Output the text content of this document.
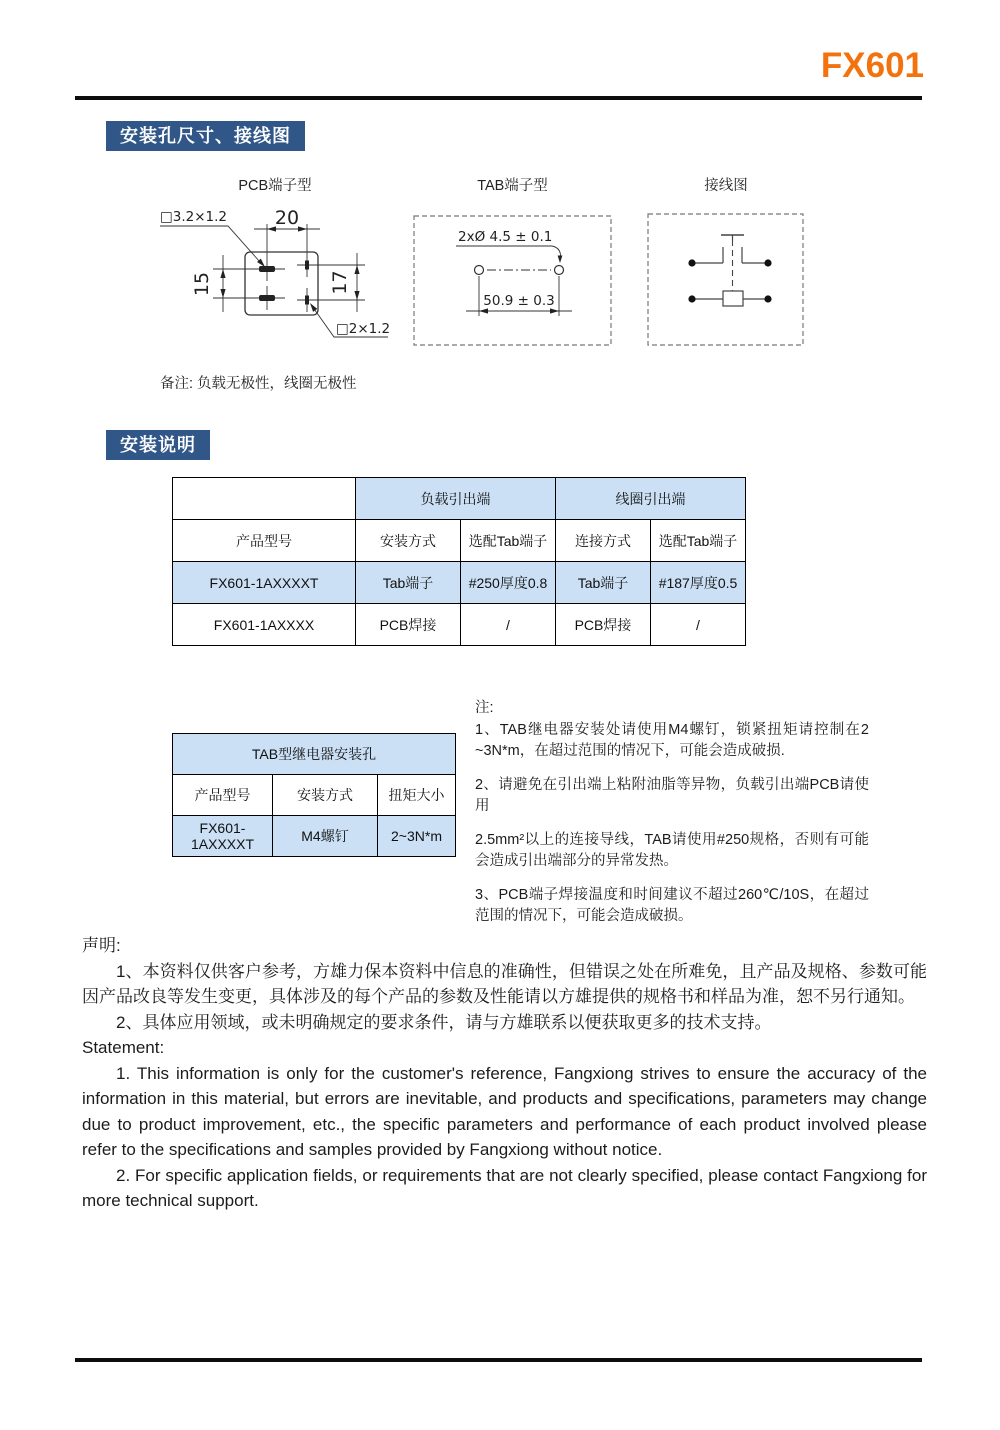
FX601
安装孔尺寸、接线图
PCB端子型
20
15	17
□3.2×1.2
□2×1.2
TAB端子型
2xØ 4.5 ± 0.1
50.9 ± 0.3
接线图
备注: 负载无极性，线圈无极性
安装说明
	负载引出端		线圈引出端	
产品型号	安装方式	选配Tab端子	连接方式	选配Tab端子
FX601-1AXXXXT	Tab端子	#250厚度0.8	Tab端子	#187厚度0.5
FX601-1AXXXX	PCB焊接	/	PCB焊接	/
TAB型继电器安装孔		
产品型号	安装方式	扭矩大小
FX601-1AXXXXT	M4螺钉	2~3N*m

注:

1、TAB继电器安装处请使用M4螺钉，锁紧扭矩请控制在2 ~3N*m，在超过范围的情况下，可能会造成破损.

2、请避免在引出端上粘附油脂等异物，负载引出端PCB请使用

2.5mm²以上的连接导线，TAB请使用#250规格，否则有可能会造成引出端部分的异常发热。

3、PCB端子焊接温度和时间建议不超过260℃/10S，在超过范围的情况下，可能会造成破损。

声明:

1、本资料仅供客户参考，方雄力保本资料中信息的准确性，但错误之处在所难免，且产品及规格、参数可能因产品改良等发生变更，具体涉及的每个产品的参数及性能请以方雄提供的规格书和样品为准，恕不另行通知。

2、具体应用领域，或未明确规定的要求条件，请与方雄联系以便获取更多的技术支持。

Statement:

1. This information is only for the customer's reference, Fangxiong strives to ensure the accuracy of the information in this material, but errors are inevitable, and products and specifications, parameters may change due to product improvement, etc., the specific parameters and performance of each product involved please refer to the specifications and samples provided by Fangxiong without notice.

2. For specific application fields, or requirements that are not clearly specified, please contact Fangxiong for more technical support.
